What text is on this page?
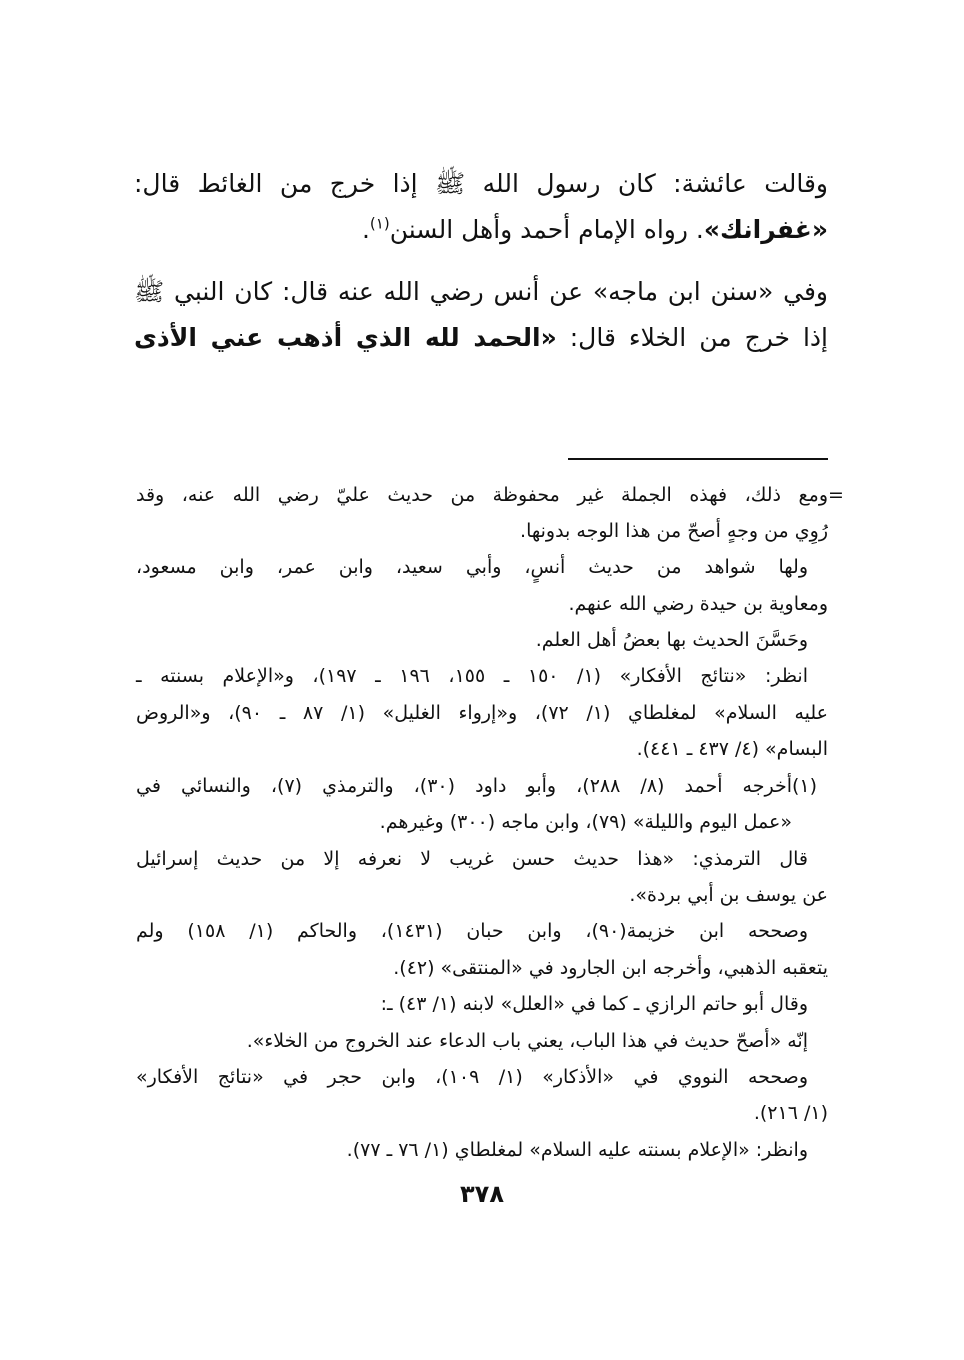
وقالت عائشة: كان رسول الله ﷺ إذا خرج من الغائط قال:
«غفرانك». رواه الإمام أحمد وأهل السنن$^{(١)}$.
وفي «سنن ابن ماجه» عن أنس رضي الله عنه قال: كان النبي ﷺ
إذا خرج من الخلاء قال: «الحمد لله الذي أذهب عني الأذى
=
ومع ذلك، فهذه الجملة غير محفوظة من حديث عليّ رضي الله عنه، وقد
رُوِي من وجهٍ أصحّ من هذا الوجه بدونها.
ولها شواهد من حديث أنسٍ، وأبي سعيد، وابن عمر، وابن مسعود،
ومعاوية بن حيدة رضي الله عنهم.
وحَسَّنَ الحديث بها بعضُ أهل العلم.
انظر: «نتائج الأفكار» (١/ ١٥٠ ـ ١٥٥، ١٩٦ ـ ١٩٧)، و«الإعلام بسنته ـ
عليه السلام» لمغلطاي (١/ ٧٢)، و«إرواء الغليل» (١/ ٨٧ ـ ٩٠)، و«الروض
البسام» (٤/ ٤٣٧ ـ ٤٤١).
(١)
أخرجه أحمد (٨/ ٢٨٨)، وأبو داود (٣٠)، والترمذي (٧)، والنسائي في
«عمل اليوم والليلة» (٧٩)، وابن ماجه (٣٠٠) وغيرهم.
قال الترمذي: «هذا حديث حسن غريب لا نعرفه إلا من حديث إسرائيل
عن يوسف بن أبي بردة».
وصححه ابن خزيمة(٩٠)، وابن حبان (١٤٣١)، والحاكم (١/ ١٥٨) ولم
يتعقبه الذهبي، وأخرجه ابن الجارود في «المنتقى» (٤٢).
وقال أبو حاتم الرازي ـ كما في «العلل» لابنه (١/ ٤٣) ـ:
إنّه «أصحّ حديث في هذا الباب، يعني باب الدعاء عند الخروج من الخلاء».
وصححه النووي في «الأذكار» (١/ ١٠٩)، وابن حجر في «نتائج الأفكار»
(١/ ٢١٦).
وانظر: «الإعلام بسنته عليه السلام» لمغلطاي (١/ ٧٦ ـ ٧٧).
٣٧٨
